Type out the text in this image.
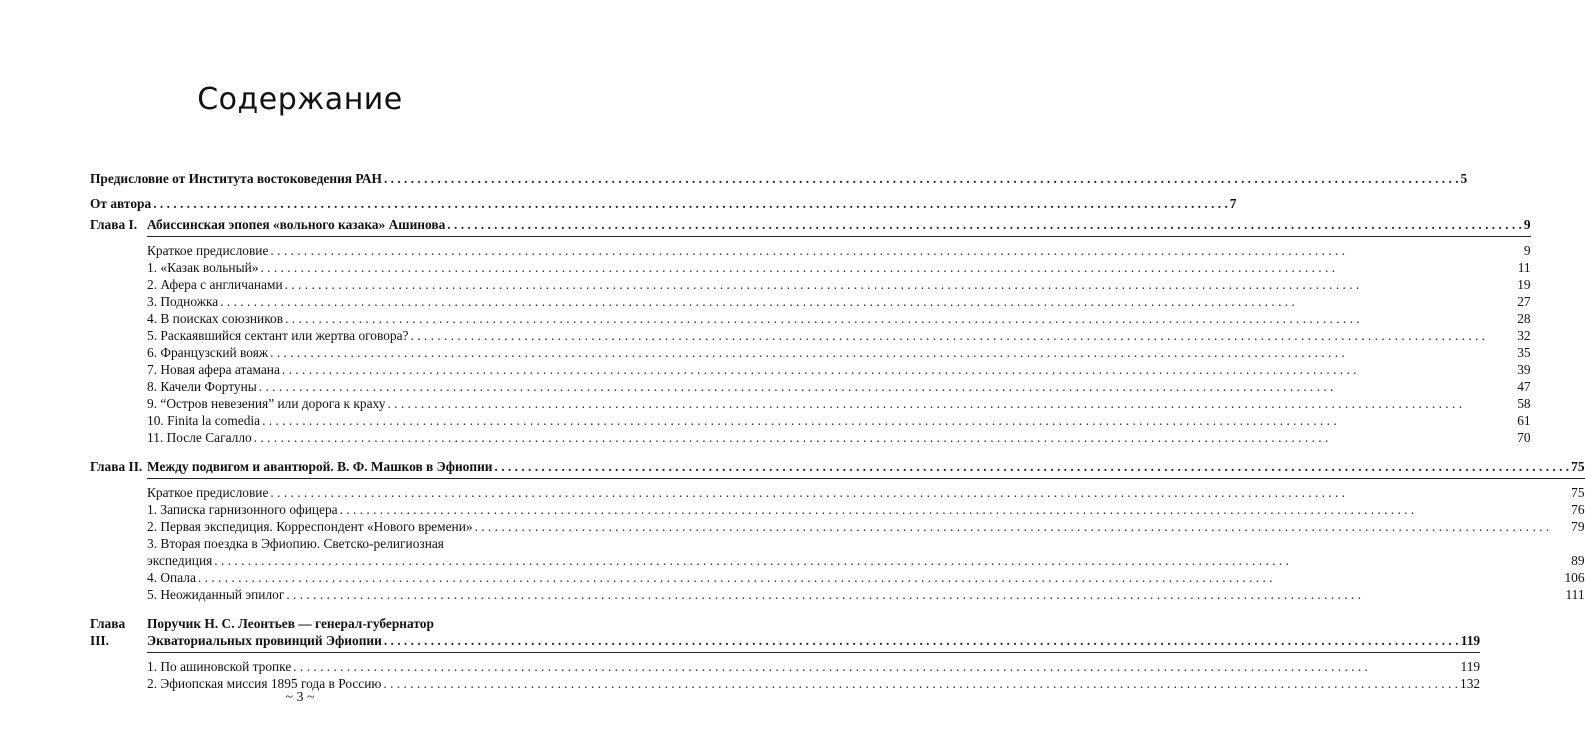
Содержание
Предисловие от Института востоковедения РАН . . .	5
От автора . . .	7
Глава I. Абиссинская эпопея «вольного казака» Ашинова . . .	9
Краткое предисловие . . .	9
1. «Казак вольный» . . .	11
2. Афера с англичанами . . .	19
3. Подножка . . .	27
4. В поисках союзников . . .	28
5. Раскаявшийся сектант или жертва оговора? . . .	32
6. Французский вояж . . .	35
7. Новая афера атамана . . .	39
8. Качели Фортуны . . .	47
9. “Остров невезения” или дорога к краху . . .	58
10. Finita la comedia . . .	61
11. После Сагалло . . .	70
Глава II. Между подвигом и авантюрой. В. Ф. Машков в Эфиопии . . .	75
Краткое предисловие . . .	75
1. Записка гарнизонного офицера . . .	76
2. Первая экспедиция. Корреспондент «Нового времени» . . .	79
3. Вторая поездка в Эфиопию. Светско-религиозная
экспедиция . . .	89
4. Опала . . .	106
5. Неожиданный эпилог . . .	111
Глава III.
Поручик Н. С. Леонтьев — генерал-губернатор
Экваториальных провинций Эфиопии . . .	119
1. По ашиновской тропке . . .	119
2. Эфиопская миссия 1895 года в Россию . . .	132
~ 3 ~
